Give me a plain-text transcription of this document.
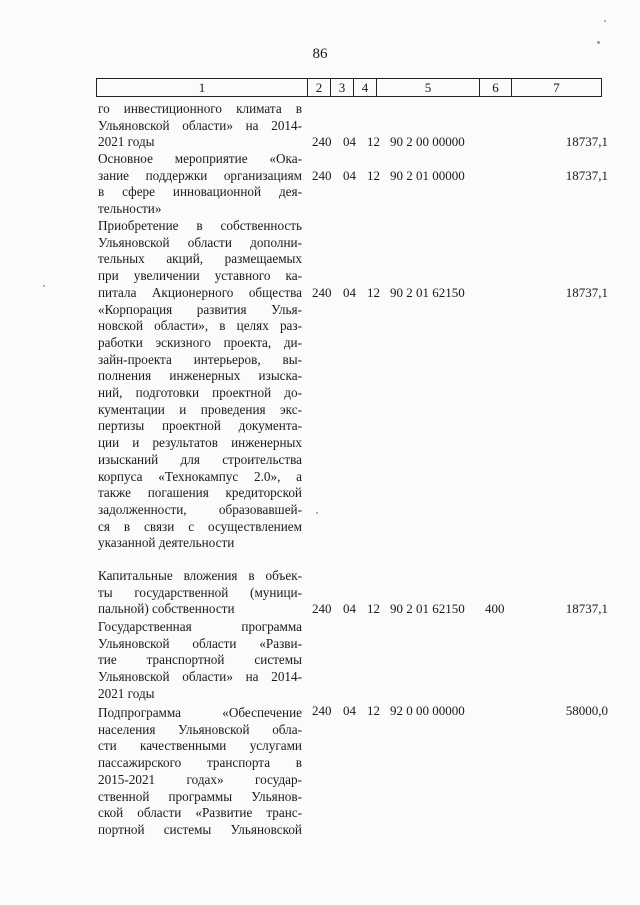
86
1	2	3	4	5	6	7
го инвестиционного климата в
Ульяновской области» на 2014-
2021 годы	240 04 12 90 2 00 00000	18737,1
Основное мероприятие «Ока-
зание поддержки организациям
в сфере инновационной дея-
тельности»
240 04 12 90 2 01 00000	18737,1
Приобретение в собственность
Ульяновской области дополни-
тельных акций, размещаемых
при увеличении уставного ка-
питала Акционерного общества
«Корпорация развития Улья-
новской области», в целях раз-
работки эскизного проекта, ди-
зайн-проекта интерьеров, вы-
полнения инженерных изыска-
ний, подготовки проектной до-
кументации и проведения экс-
пертизы проектной документа-
ции и результатов инженерных
изысканий для строительства
корпуса «Технокампус 2.0», а
также погашения кредиторской
задолженности, образовавшей-
ся в связи с осуществлением
указанной деятельности
240 04 12 90 2 01 62150	18737,1
Капитальные вложения в объек-
ты государственной (муници-
пальной) собственности	240 04 12 90 2 01 62150 400	18737,1
Государственная программа
Ульяновской области «Разви-
тие транспортной системы
Ульяновской области» на 2014-
2021 годы
240 04 12 92 0 00 00000	58000,0
Подпрограмма «Обеспечение
населения Ульяновской обла-
сти качественными услугами
пассажирского транспорта в
2015-2021 годах» государ-
ственной программы Ульянов-
ской области «Развитие транс-
портной системы Ульяновской
